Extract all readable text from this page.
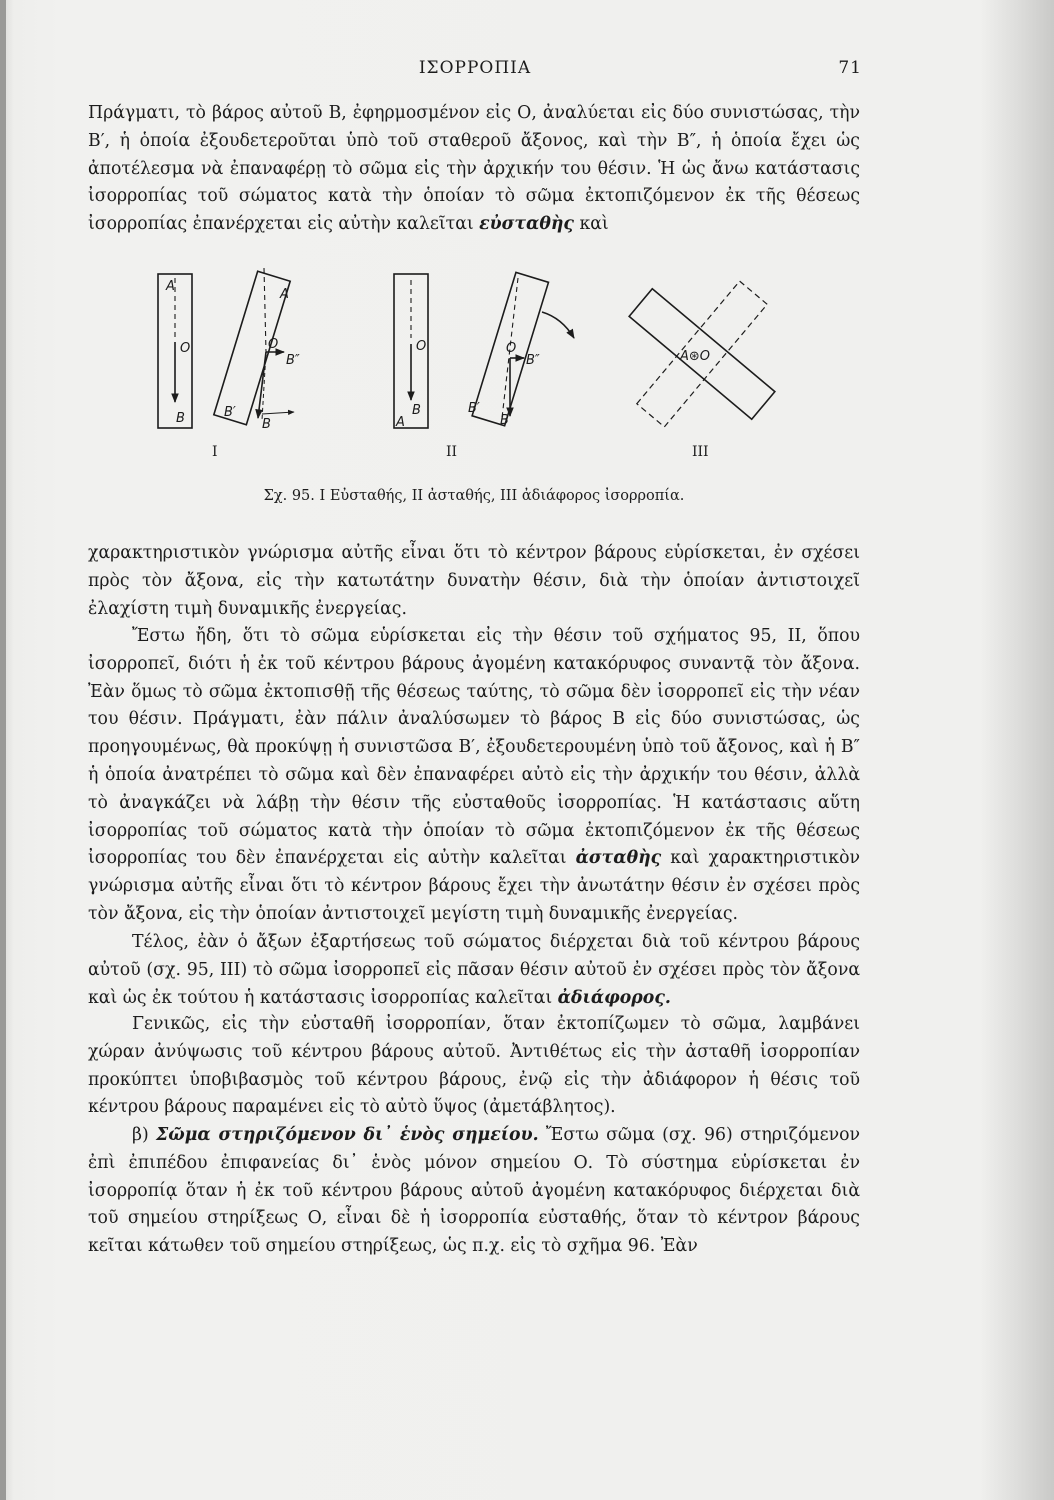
ΙΣΟΡΡΟΠΙΑ	71

Πράγματι, τὸ βάρος αὐτοῦ Β, ἐφηρμοσμένον εἰς Ο, ἀναλύεται εἰς δύο συνιστώσας, τὴν Β′, ἡ ὁποία ἐξουδετεροῦται ὑπὸ τοῦ σταθεροῦ ἄξονος, καὶ τὴν Β″, ἡ ὁποία ἔχει ὡς ἀποτέλεσμα νὰ ἐπαναφέρῃ τὸ σῶμα εἰς τὴν ἀρχικήν του θέσιν. Ἡ ὡς ἄνω κατάστασις ἰσορροπίας τοῦ σώματος κατὰ τὴν ὁποίαν τὸ σῶμα ἐκτοπιζόμενον ἐκ τῆς θέσεως ἰσορροπίας ἐπανέρχεται εἰς αὐτὴν καλεῖται εὐσταθὴς καὶ

A
O
B
A
O
B″
B′
B
O
B
A
O
B″
B′
B
A⊛O
I	II	III
Σχ. 95. I Εὐσταθής, II ἀσταθής, III ἀδιάφορος ἰσορροπία.

χαρακτηριστικὸν γνώρισμα αὐτῆς εἶναι ὅτι τὸ κέντρον βάρους εὑρίσκεται, ἐν σχέσει πρὸς τὸν ἄξονα, εἰς τὴν κατωτάτην δυνατὴν θέσιν, διὰ τὴν ὁποίαν ἀντιστοιχεῖ ἐλαχίστη τιμὴ δυναμικῆς ἐνεργείας.

Ἔστω ἤδη, ὅτι τὸ σῶμα εὑρίσκεται εἰς τὴν θέσιν τοῦ σχήματος 95, II, ὅπου ἰσορροπεῖ, διότι ἡ ἐκ τοῦ κέντρου βάρους ἀγομένη κατακόρυφος συναντᾷ τὸν ἄξονα. Ἐὰν ὅμως τὸ σῶμα ἐκτοπισθῇ τῆς θέσεως ταύτης, τὸ σῶμα δὲν ἰσορροπεῖ εἰς τὴν νέαν του θέσιν. Πράγματι, ἐὰν πάλιν ἀναλύσωμεν τὸ βάρος Β εἰς δύο συνιστώσας, ὡς προηγουμένως, θὰ προκύψῃ ἡ συνιστῶσα Β′, ἐξουδετερουμένη ὑπὸ τοῦ ἄξονος, καὶ ἡ Β″ ἡ ὁποία ἀνατρέπει τὸ σῶμα καὶ δὲν ἐπαναφέρει αὐτὸ εἰς τὴν ἀρχικήν του θέσιν, ἀλλὰ τὸ ἀναγκάζει νὰ λάβῃ τὴν θέσιν τῆς εὐσταθοῦς ἰσορροπίας. Ἡ κατάστασις αὕτη ἰσορροπίας τοῦ σώματος κατὰ τὴν ὁποίαν τὸ σῶμα ἐκτοπιζόμενον ἐκ τῆς θέσεως ἰσορροπίας του δὲν ἐπανέρχεται εἰς αὐτὴν καλεῖται ἀσταθὴς καὶ χαρακτηριστικὸν γνώρισμα αὐτῆς εἶναι ὅτι τὸ κέντρον βάρους ἔχει τὴν ἀνωτάτην θέσιν ἐν σχέσει πρὸς τὸν ἄξονα, εἰς τὴν ὁποίαν ἀντιστοιχεῖ μεγίστη τιμὴ δυναμικῆς ἐνεργείας.

Τέλος, ἐὰν ὁ ἄξων ἐξαρτήσεως τοῦ σώματος διέρχεται διὰ τοῦ κέντρου βάρους αὐτοῦ (σχ. 95, III) τὸ σῶμα ἰσορροπεῖ εἰς πᾶσαν θέσιν αὐτοῦ ἐν σχέσει πρὸς τὸν ἄξονα καὶ ὡς ἐκ τούτου ἡ κατάστασις ἰσορροπίας καλεῖται ἀδιάφορος.

Γενικῶς, εἰς τὴν εὐσταθῆ ἰσορροπίαν, ὅταν ἐκτοπίζωμεν τὸ σῶμα, λαμβάνει χώραν ἀνύψωσις τοῦ κέντρου βάρους αὐτοῦ. Ἀντιθέτως εἰς τὴν ἀσταθῆ ἰσορροπίαν προκύπτει ὑποβιβασμὸς τοῦ κέντρου βάρους, ἐνῷ εἰς τὴν ἀδιάφορον ἡ θέσις τοῦ κέντρου βάρους παραμένει εἰς τὸ αὐτὸ ὕψος (ἀμετάβλητος).

β) Σῶμα στηριζόμενον δι᾿ ἑνὸς σημείου. Ἔστω σῶμα (σχ. 96) στηριζόμενον ἐπὶ ἐπιπέδου ἐπιφανείας δι᾿ ἑνὸς μόνον σημείου Ο. Τὸ σύστημα εὑρίσκεται ἐν ἰσορροπίᾳ ὅταν ἡ ἐκ τοῦ κέντρου βάρους αὐτοῦ ἀγομένη κατακόρυφος διέρχεται διὰ τοῦ σημείου στηρίξεως Ο, εἶναι δὲ ἡ ἰσορροπία εὐσταθής, ὅταν τὸ κέντρον βάρους κεῖται κάτωθεν τοῦ σημείου στηρίξεως, ὡς π.χ. εἰς τὸ σχῆμα 96. Ἐὰν
